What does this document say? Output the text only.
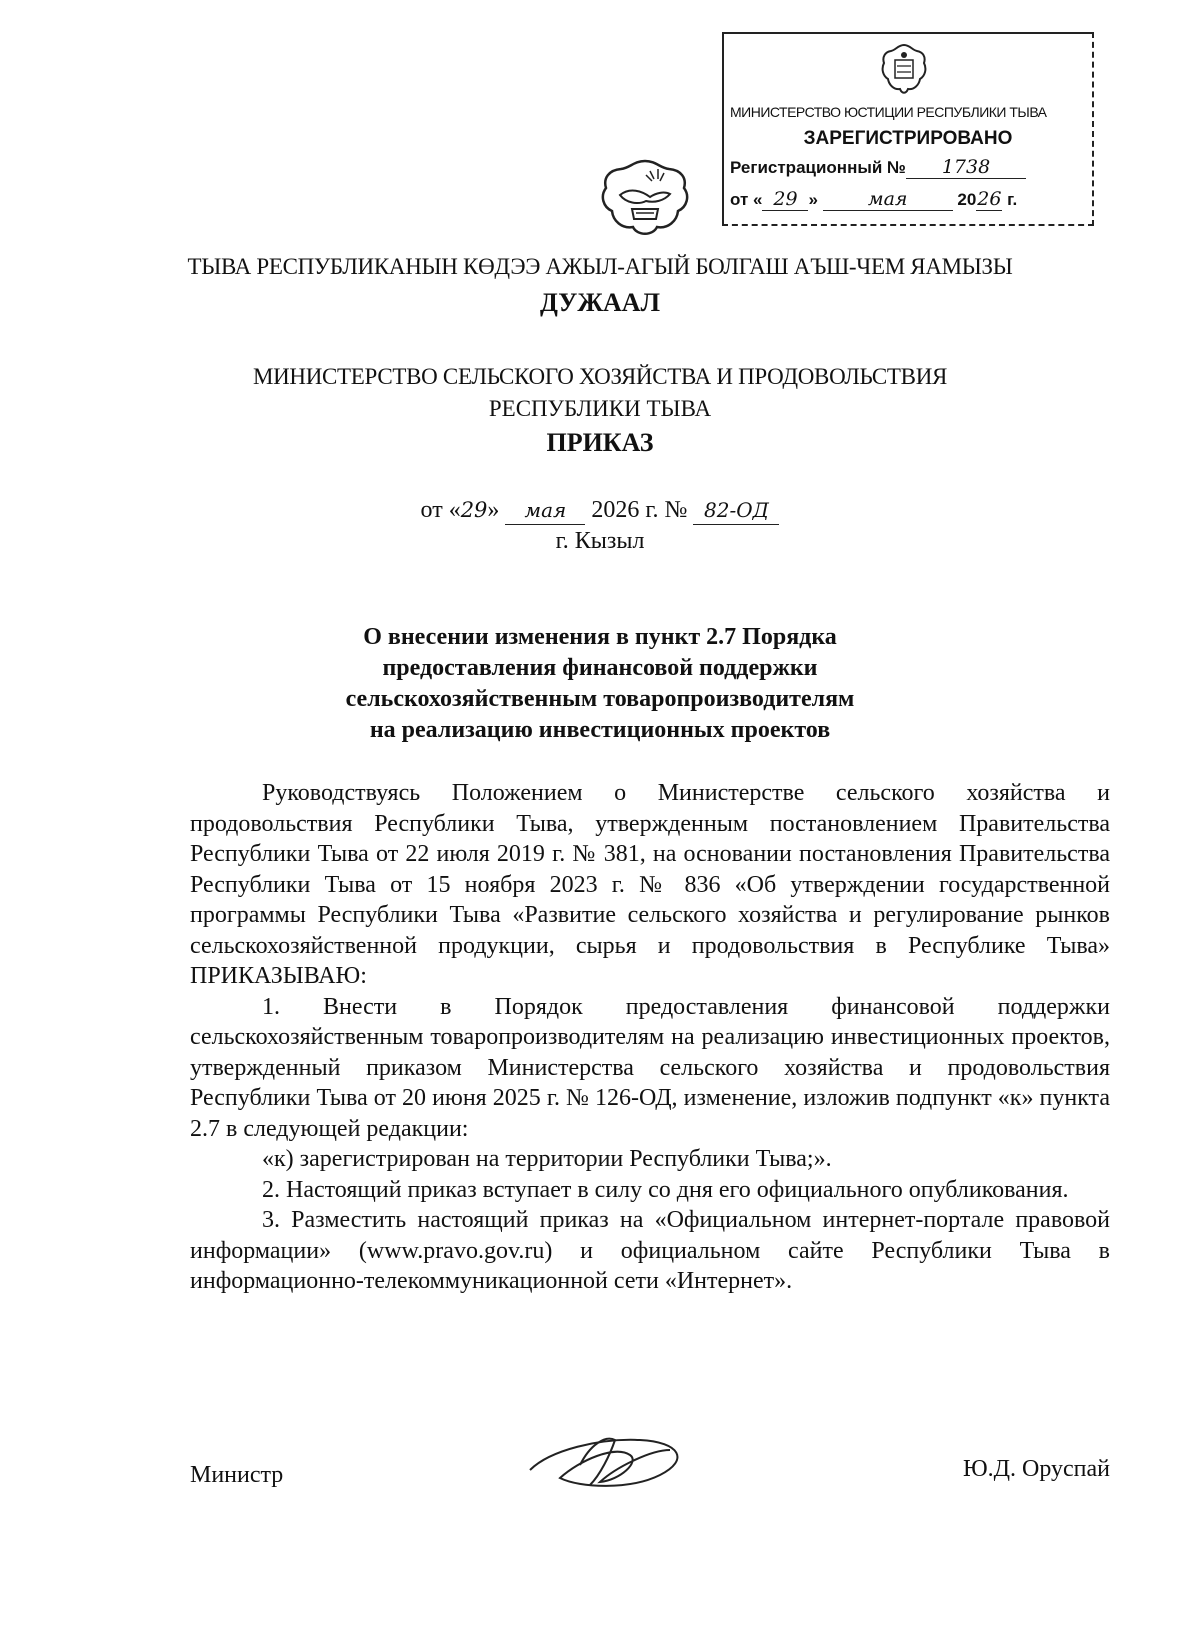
МИНИСТЕРСТВО ЮСТИЦИИ РЕСПУБЛИКИ ТЫВА
ЗАРЕГИСТРИРОВАНО
Регистрационный № 1738
от « 29 »	мая	2026 г.
ТЫВА РЕСПУБЛИКАНЫН КӨДЭЭ АЖЫЛ-АГЫЙ БОЛГАШ АЪШ-ЧЕМ ЯАМЫЗЫ
ДУЖААЛ
МИНИСТЕРСТВО СЕЛЬСКОГО ХОЗЯЙСТВА И ПРОДОВОЛЬСТВИЯ
РЕСПУБЛИКИ ТЫВА
ПРИКАЗ
от «29» мая 2026 г. № 82-ОД
г. Кызыл
О внесении изменения в пункт 2.7 Порядка
предоставления финансовой поддержки
сельскохозяйственным товаропроизводителям
на реализацию инвестиционных проектов
Руководствуясь Положением о Министерстве сельского хозяйства и продовольствия Республики Тыва, утвержденным постановлением Правительства Республики Тыва от 22 июля 2019 г. № 381, на основании постановления Правительства Республики Тыва от 15 ноября 2023 г. № 836 «Об утверждении государственной программы Республики Тыва «Развитие сельского хозяйства и регулирование рынков сельскохозяйственной продукции, сырья и продовольствия в Республике Тыва» ПРИКАЗЫВАЮ:
1. Внести в Порядок предоставления финансовой поддержки сельскохозяйственным товаропроизводителям на реализацию инвестиционных проектов, утвержденный приказом Министерства сельского хозяйства и продовольствия Республики Тыва от 20 июня 2025 г. № 126-ОД, изменение, изложив подпункт «к» пункта 2.7 в следующей редакции:
«к) зарегистрирован на территории Республики Тыва;».
2. Настоящий приказ вступает в силу со дня его официального опубликования.
3. Разместить настоящий приказ на «Официальном интернет-портале правовой информации» (www.pravo.gov.ru) и официальном сайте Республики Тыва в информационно-телекоммуникационной сети «Интернет».
Министр	Ю.Д. Оруспай
